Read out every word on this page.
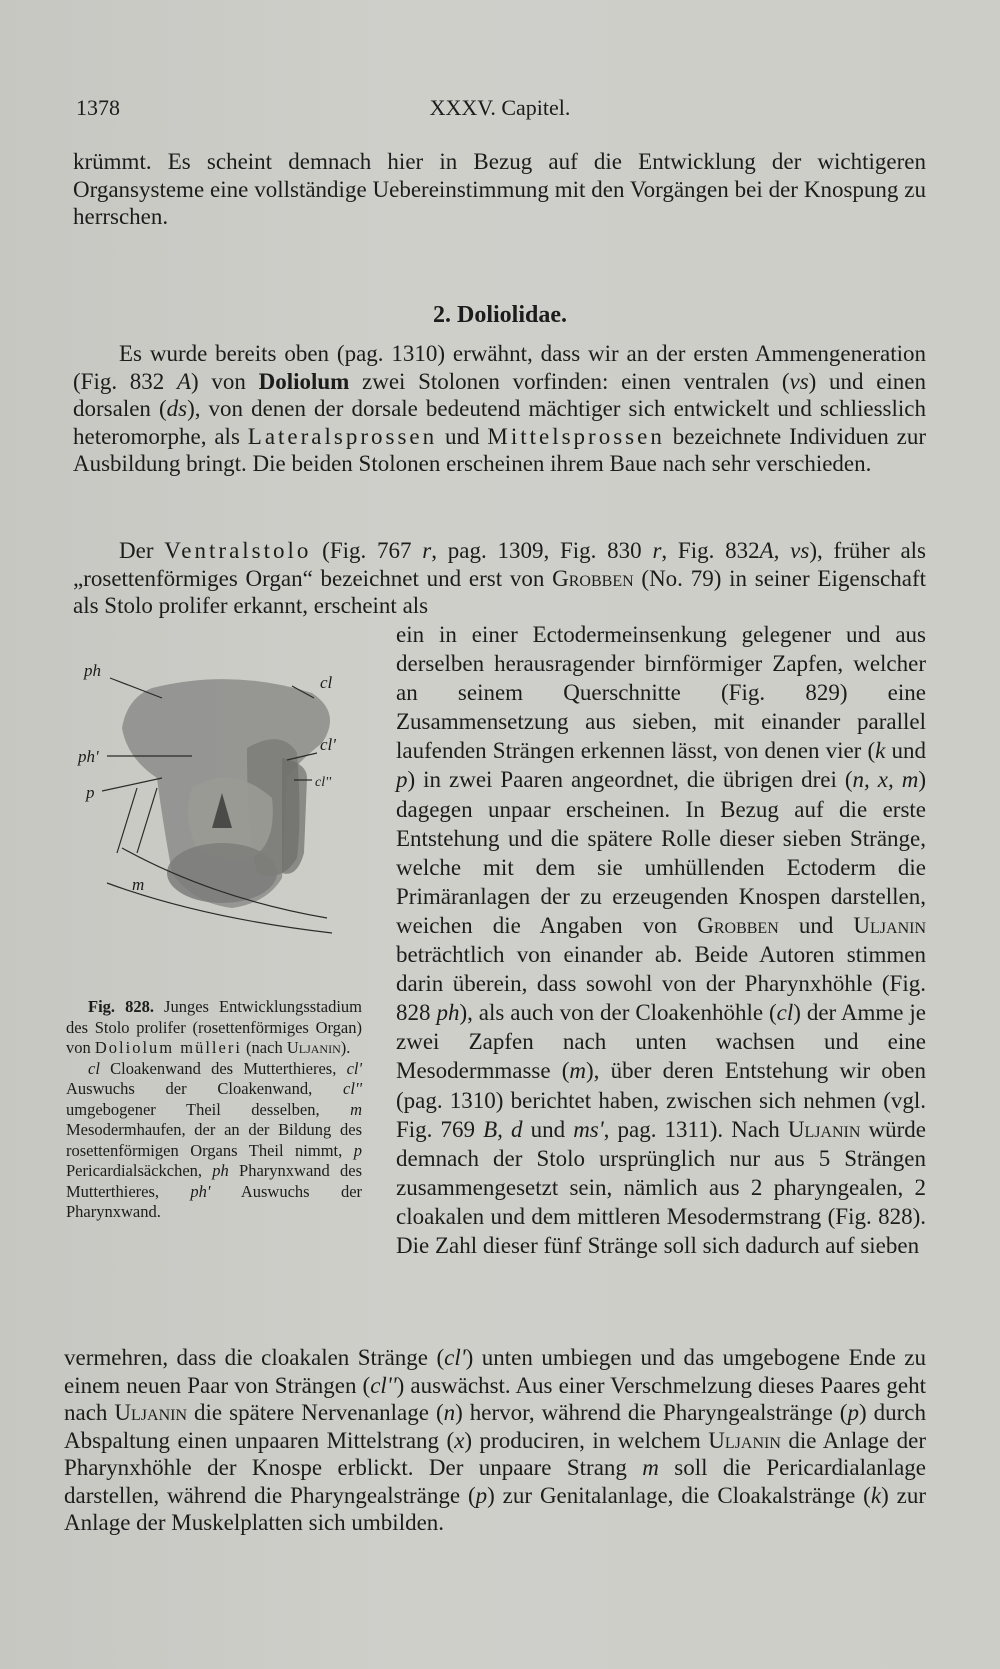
1378	XXXV. Capitel.

krümmt. Es scheint demnach hier in Bezug auf die Entwicklung der wichtigeren Organsysteme eine vollständige Uebereinstimmung mit den Vorgängen bei der Knospung zu herrschen.

2. Doliolidae.

Es wurde bereits oben (pag. 1310) erwähnt, dass wir an der ersten Ammengeneration (Fig. 832 A) von Doliolum zwei Stolonen vorfinden: einen ventralen (vs) und einen dorsalen (ds), von denen der dorsale bedeutend mächtiger sich entwickelt und schliesslich heteromorphe, als Lateralsprossen und Mittelsprossen bezeichnete Individuen zur Ausbildung bringt. Die beiden Stolonen erscheinen ihrem Baue nach sehr verschieden.

Der Ventralstolo (Fig. 767 r, pag. 1309, Fig. 830 r, Fig. 832A, vs), früher als „rosettenförmiges Organ“ bezeichnet und erst von Grobben (No. 79) in seiner Eigenschaft als Stolo prolifer erkannt, erscheint als

ein in einer Ectodermeinsenkung gelegener und aus derselben herausragender birnförmiger Zapfen, welcher an seinem Querschnitte (Fig. 829) eine Zusammensetzung aus sieben, mit einander parallel laufenden Strängen erkennen lässt, von denen vier (k und p) in zwei Paaren angeordnet, die übrigen drei (n, x, m) dagegen unpaar erscheinen. In Bezug auf die erste Entstehung und die spätere Rolle dieser sieben Stränge, welche mit dem sie umhüllenden Ectoderm die Primäranlagen der zu erzeugenden Knospen darstellen, weichen die Angaben von Grobben und Uljanin beträchtlich von einander ab. Beide Autoren stimmen darin überein, dass sowohl von der Pharynxhöhle (Fig. 828 ph), als auch von der Cloakenhöhle (cl) der Amme je zwei Zapfen nach unten wachsen und eine Mesodermmasse (m), über deren Entstehung wir oben (pag. 1310) berichtet haben, zwischen sich nehmen (vgl. Fig. 769 B, d und ms', pag. 1311). Nach Uljanin würde demnach der Stolo ursprünglich nur aus 5 Strängen zusammengesetzt sein, nämlich aus 2 pharyngealen, 2 cloakalen und dem mittleren Mesodermstrang (Fig. 828). Die Zahl dieser fünf Stränge soll sich dadurch auf sieben

ph
cl
ph'
cl'
p
cl''
m

Fig. 828. Junges Entwicklungsstadium des Stolo prolifer (rosettenförmiges Organ) von Doliolum mülleri (nach Uljanin).

cl Cloakenwand des Mutterthieres, cl' Auswuchs der Cloakenwand, cl'' umgebogener Theil desselben, m Mesodermhaufen, der an der Bildung des rosettenförmigen Organs Theil nimmt, p Pericardialsäckchen, ph Pharynxwand des Mutterthieres, ph' Auswuchs der Pharynxwand.

vermehren, dass die cloakalen Stränge (cl') unten umbiegen und das umgebogene Ende zu einem neuen Paar von Strängen (cl'') auswächst. Aus einer Verschmelzung dieses Paares geht nach Uljanin die spätere Nervenanlage (n) hervor, während die Pharyngealstränge (p) durch Abspaltung einen unpaaren Mittelstrang (x) produciren, in welchem Uljanin die Anlage der Pharynxhöhle der Knospe erblickt. Der unpaare Strang m soll die Pericardialanlage darstellen, während die Pharyngealstränge (p) zur Genitalanlage, die Cloakalstränge (k) zur Anlage der Muskelplatten sich umbilden.
